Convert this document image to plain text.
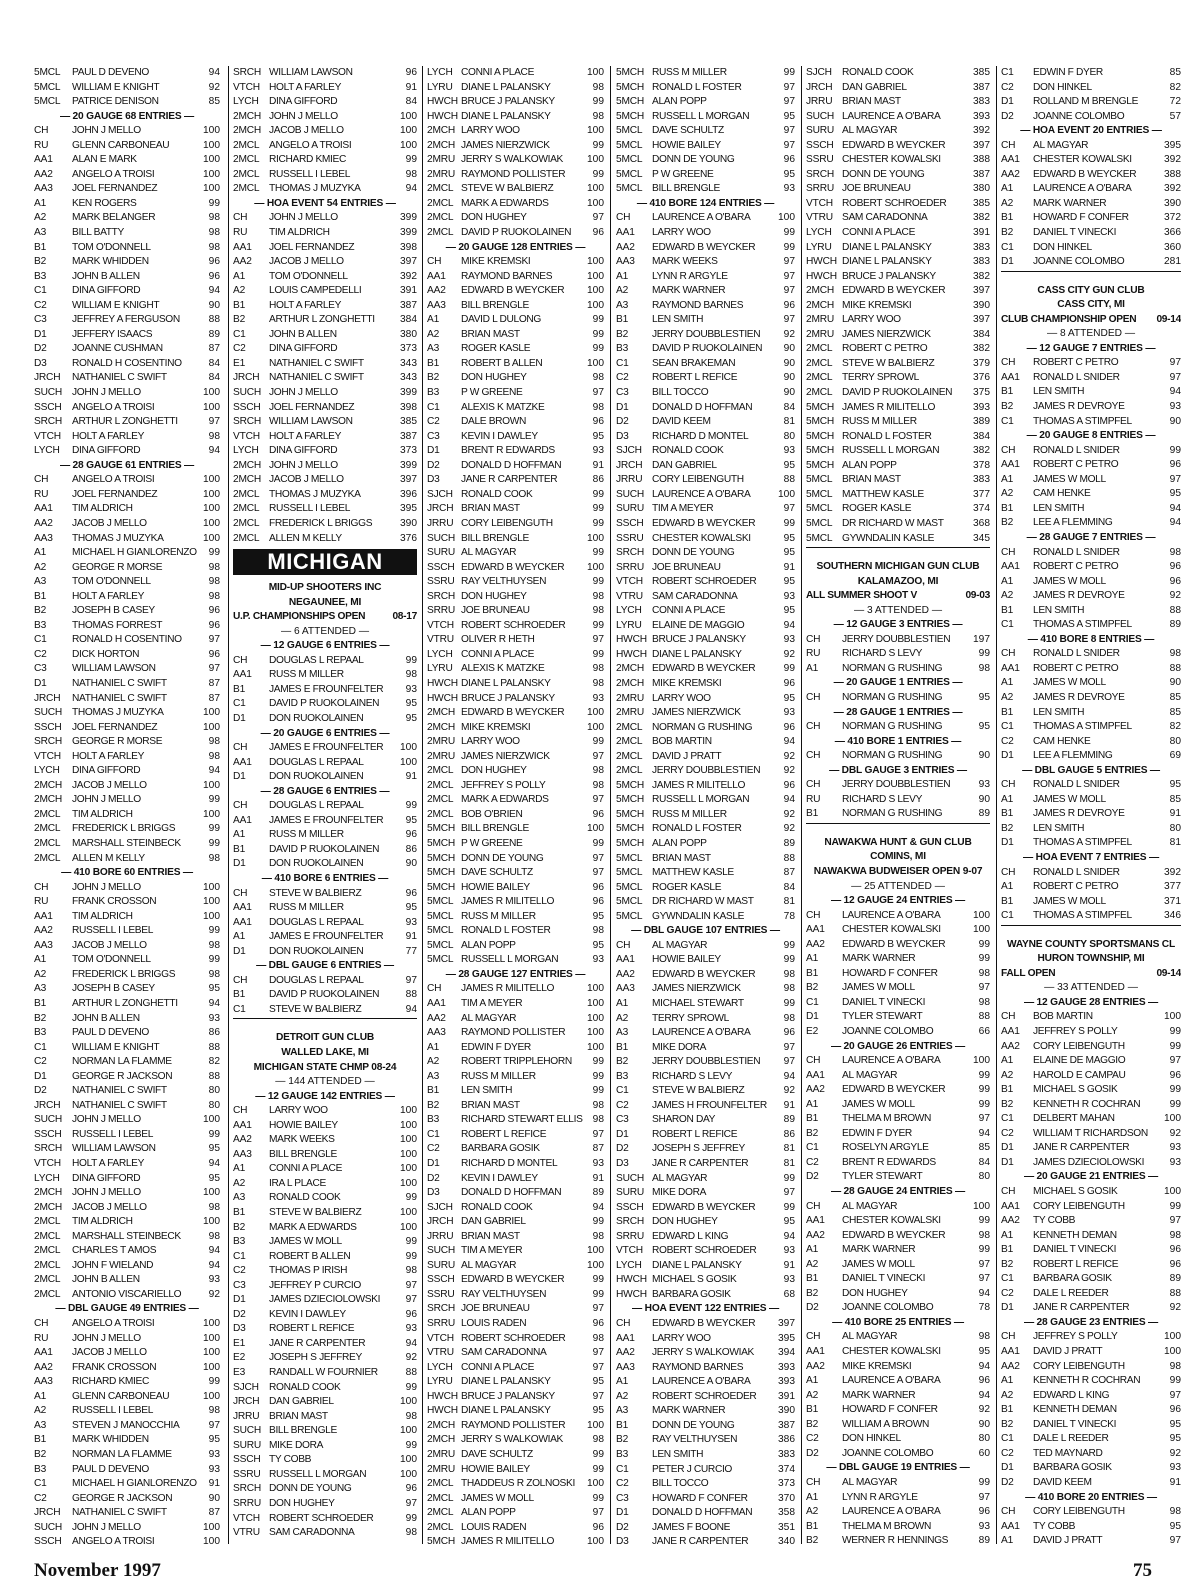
5MCL	PAUL D DEVENO	94
5MCL	WILLIAM E KNIGHT	92
5MCL	PATRICE DENISON	85
— 20 GAUGE 68 ENTRIES —
CH	JOHN J MELLO	100
RU	GLENN CARBONEAU	100
AA1	ALAN E MARK	100
AA2	ANGELO A TROISI	100
AA3	JOEL FERNANDEZ	100
A1	KEN ROGERS	99
A2	MARK BELANGER	98
A3	BILL BATTY	98
B1	TOM O'DONNELL	98
B2	MARK WHIDDEN	96
B3	JOHN B ALLEN	96
C1	DINA GIFFORD	94
C2	WILLIAM E KNIGHT	90
C3	JEFFREY A FERGUSON	88
D1	JEFFERY ISAACS	89
D2	JOANNE CUSHMAN	87
D3	RONALD H COSENTINO	84
JRCH	NATHANIEL C SWIFT	84
SUCH JOHN J MELLO	100
SSCH	ANGELO A TROISI	100
SRCH ARTHUR L ZONGHETTI	97
VTCH	HOLT A FARLEY	98
LYCH	DINA GIFFORD	94
— 28 GAUGE 61 ENTRIES —
CH	ANGELO A TROISI	100
RU	JOEL FERNANDEZ	100
AA1	TIM ALDRICH	100
AA2	JACOB J MELLO	100
AA3	THOMAS J MUZYKA	100
A1	MICHAEL H GIANLORENZO	99
A2	GEORGE R MORSE	98
A3	TOM O'DONNELL	98
B1	HOLT A FARLEY	98
B2	JOSEPH B CASEY	96
B3	THOMAS FORREST	96
C1	RONALD H COSENTINO	97
C2	DICK HORTON	96
C3	WILLIAM LAWSON	97
D1	NATHANIEL C SWIFT	87
JRCH	NATHANIEL C SWIFT	87
SUCH THOMAS J MUZYKA	100
SSCH	JOEL FERNANDEZ	100
SRCH GEORGE R MORSE	98
VTCH	HOLT A FARLEY	98
LYCH	DINA GIFFORD	94
2MCH JACOB J MELLO	100
2MCH JOHN J MELLO	99
2MCL	TIM ALDRICH	100
2MCL	FREDERICK L BRIGGS	99
2MCL	MARSHALL STEINBECK	99
2MCL	ALLEN M KELLY	98
— 410 BORE 60 ENTRIES —
CH	JOHN J MELLO	100
RU	FRANK CROSSON	100
AA1	TIM ALDRICH	100
AA2	RUSSELL I LEBEL	99
AA3	JACOB J MELLO	98
A1	TOM O'DONNELL	99
A2	FREDERICK L BRIGGS	98
A3	JOSEPH B CASEY	95
B1	ARTHUR L ZONGHETTI	94
B2	JOHN B ALLEN	93
B3	PAUL D DEVENO	86
C1	WILLIAM E KNIGHT	88
C2	NORMAN LA FLAMME	82
D1	GEORGE R JACKSON	88
D2	NATHANIEL C SWIFT	80
JRCH	NATHANIEL C SWIFT	80
SUCH JOHN J MELLO	100
SSCH	RUSSELL I LEBEL	99
SRCH WILLIAM LAWSON	95
VTCH	HOLT A FARLEY	94
LYCH	DINA GIFFORD	95
2MCH JOHN J MELLO	100
2MCH JACOB J MELLO	98
2MCL	TIM ALDRICH	100
2MCL	MARSHALL STEINBECK	98
2MCL	CHARLES T AMOS	94
2MCL	JOHN F WIELAND	94
2MCL	JOHN B ALLEN	93
2MCL	ANTONIO VISCARIELLO	92
— DBL GAUGE 49 ENTRIES —
CH	ANGELO A TROISI	100
RU	JOHN J MELLO	100
AA1	JACOB J MELLO	100
AA2	FRANK CROSSON	100
AA3	RICHARD KMIEC	99
A1	GLENN CARBONEAU	100
A2	RUSSELL I LEBEL	98
A3	STEVEN J MANOCCHIA	97
B1	MARK WHIDDEN	95
B2	NORMAN LA FLAMME	93
B3	PAUL D DEVENO	93
C1	MICHAEL H GIANLORENZO	91
C2	GEORGE R JACKSON	90
JRCH	NATHANIEL C SWIFT	87
SUCH JOHN J MELLO	100
SSCH	ANGELO A TROISI	100
SRCH WILLIAM LAWSON	96
VTCH HOLT A FARLEY	91
LYCH	DINA GIFFORD	84
2MCH JOHN J MELLO	100
2MCH JACOB J MELLO	100
2MCL ANGELO A TROISI	100
2MCL RICHARD KMIEC	99
2MCL RUSSELL I LEBEL	98
2MCL THOMAS J MUZYKA	94
— HOA EVENT 54 ENTRIES —
CH	JOHN J MELLO	399
RU	TIM ALDRICH	399
AA1	JOEL FERNANDEZ	398
AA2	JACOB J MELLO	397
A1	TOM O'DONNELL	392
A2	LOUIS CAMPEDELLI	391
B1	HOLT A FARLEY	387
B2	ARTHUR L ZONGHETTI	384
C1	JOHN B ALLEN	380
C2	DINA GIFFORD	373
E1	NATHANIEL C SWIFT	343
JRCH NATHANIEL C SWIFT	343
SUCH JOHN J MELLO	399
SSCH JOEL FERNANDEZ	398
SRCH WILLIAM LAWSON	385
VTCH HOLT A FARLEY	387
LYCH	DINA GIFFORD	373
2MCH JOHN J MELLO	399
2MCH JACOB J MELLO	397
2MCL THOMAS J MUZYKA	396
2MCL RUSSELL I LEBEL	395
2MCL FREDERICK L BRIGGS	390
2MCL ALLEN M KELLY	376
MICHIGAN
MID-UP SHOOTERS INC
NEGAUNEE, MI
U.P. CHAMPIONSHIPS OPEN	08-17
— 6 ATTENDED —
— 12 GAUGE 6 ENTRIES —
CH	DOUGLAS L REPAAL	99
AA1	RUSS M MILLER	98
B1	JAMES E FROUNFELTER	93
C1	DAVID P RUOKOLAINEN	95
D1	DON RUOKOLAINEN	95
— 20 GAUGE 6 ENTRIES —
CH	JAMES E FROUNFELTER	100
AA1	DOUGLAS L REPAAL	100
D1	DON RUOKOLAINEN	91
— 28 GAUGE 6 ENTRIES —
CH	DOUGLAS L REPAAL	99
AA1	JAMES E FROUNFELTER	95
A1	RUSS M MILLER	96
B1	DAVID P RUOKOLAINEN	86
D1	DON RUOKOLAINEN	90
— 410 BORE 6 ENTRIES —
CH	STEVE W BALBIERZ	96
AA1	RUSS M MILLER	95
AA1	DOUGLAS L REPAAL	93
A1	JAMES E FROUNFELTER	91
D1	DON RUOKOLAINEN	77
— DBL GAUGE 6 ENTRIES —
CH	DOUGLAS L REPAAL	97
B1	DAVID P RUOKOLAINEN	88
C1	STEVE W BALBIERZ	94
DETROIT GUN CLUB
WALLED LAKE, MI
MICHIGAN STATE CHMP 08-24
— 144 ATTENDED —
— 12 GAUGE 142 ENTRIES —
CH	LARRY WOO	100
AA1	HOWIE BAILEY	100
AA2	MARK WEEKS	100
AA3	BILL BRENGLE	100
A1	CONNI A PLACE	100
A2	IRA L PLACE	100
A3	RONALD COOK	99
B1	STEVE W BALBIERZ	100
B2	MARK A EDWARDS	100
B3	JAMES W MOLL	99
C1	ROBERT B ALLEN	99
C2	THOMAS P IRISH	98
C3	JEFFREY P CURCIO	97
D1	JAMES DZIECIOLOWSKI	97
D2	KEVIN I DAWLEY	96
D3	ROBERT L REFICE	93
E1	JANE R CARPENTER	94
E2	JOSEPH S JEFFREY	92
E3	RANDALL W FOURNIER	88
SJCH RONALD COOK	99
JRCH DAN GABRIEL	100
JRRU BRIAN MAST	98
SUCH BILL BRENGLE	100
SURU MIKE DORA	99
SSCH TY COBB	100
SSRU RUSSELL L MORGAN	100
SRCH DONN DE YOUNG	96
SRRU DON HUGHEY	97
VTCH ROBERT SCHROEDER	99
VTRU SAM CARADONNA	98
LYCH CONNI A PLACE	100
LYRU DIANE L PALANSKY	98
HWCH BRUCE J PALANSKY	99
HWCH DIANE L PALANSKY	98
2MCH LARRY WOO	100
2MCH JAMES NIERZWICK	99
2MRU JERRY S WALKOWIAK	100
2MRU RAYMOND POLLISTER	99
2MCL STEVE W BALBIERZ	100
2MCL MARK A EDWARDS	100
2MCL DON HUGHEY	97
2MCL DAVID P RUOKOLAINEN	96
— 20 GAUGE 128 ENTRIES —
CH	MIKE KREMSKI	100
AA1	RAYMOND BARNES	100
AA2	EDWARD B WEYCKER	100
AA3	BILL BRENGLE	100
A1	DAVID L DULONG	99
A2	BRIAN MAST	99
A3	ROGER KASLE	99
B1	ROBERT B ALLEN	100
B2	DON HUGHEY	98
B3	P W GREENE	97
C1	ALEXIS K MATZKE	98
C2	DALE BROWN	96
C3	KEVIN I DAWLEY	95
D1	BRENT R EDWARDS	93
D2	DONALD D HOFFMAN	91
D3	JANE R CARPENTER	86
SJCH RONALD COOK	99
JRCH BRIAN MAST	99
JRRU CORY LEIBENGUTH	99
SUCH BILL BRENGLE	100
SURU AL MAGYAR	99
SSCH EDWARD B WEYCKER	100
SSRU RAY VELTHUYSEN	99
SRCH DON HUGHEY	98
SRRU JOE BRUNEAU	98
VTCH ROBERT SCHROEDER	99
VTRU OLIVER R HETH	97
LYCH CONNI A PLACE	99
LYRU ALEXIS K MATZKE	98
HWCH DIANE L PALANSKY	98
HWCH BRUCE J PALANSKY	93
2MCH EDWARD B WEYCKER	100
2MCH MIKE KREMSKI	100
2MRU LARRY WOO	99
2MRU JAMES NIERZWICK	97
2MCL DON HUGHEY	98
2MCL JEFFREY S POLLY	98
2MCL MARK A EDWARDS	97
2MCL BOB O'BRIEN	96
5MCH BILL BRENGLE	100
5MCH P W GREENE	99
5MCH DONN DE YOUNG	97
5MCH DAVE SCHULTZ	97
5MCH HOWIE BAILEY	96
5MCL JAMES R MILITELLO	96
5MCL RUSS M MILLER	95
5MCL RONALD L FOSTER	98
5MCL ALAN POPP	95
5MCL RUSSELL L MORGAN	93
— 28 GAUGE 127 ENTRIES —
CH	JAMES R MILITELLO	100
AA1	TIM A MEYER	100
AA2	AL MAGYAR	100
AA3	RAYMOND POLLISTER	100
A1	EDWIN F DYER	100
A2	ROBERT TRIPPLEHORN	99
A3	RUSS M MILLER	99
B1	LEN SMITH	99
B2	BRIAN MAST	98
B3	RICHARD STEWART ELLIS 98
C1	ROBERT L REFICE	97
C2	BARBARA GOSIK	87
D1	RICHARD D MONTEL	93
D2	KEVIN I DAWLEY	91
D3	DONALD D HOFFMAN	89
SJCH RONALD COOK	94
JRCH DAN GABRIEL	99
JRRU BRIAN MAST	98
SUCH TIM A MEYER	100
SURU AL MAGYAR	100
SSCH EDWARD B WEYCKER	99
SSRU RAY VELTHUYSEN	99
SRCH JOE BRUNEAU	97
SRRU LOUIS RADEN	96
VTCH ROBERT SCHROEDER	98
VTRU SAM CARADONNA	97
LYCH CONNI A PLACE	97
LYRU DIANE L PALANSKY	95
HWCH BRUCE J PALANSKY	97
HWCH DIANE L PALANSKY	95
2MCH RAYMOND POLLISTER	100
2MCH JERRY S WALKOWIAK	98
2MRU DAVE SCHULTZ	99
2MRU HOWIE BAILEY	99
2MCL THADDEUS R ZOLNOSKI	100
2MCL JAMES W MOLL	99
2MCL ALAN POPP	97
2MCL LOUIS RADEN	96
5MCH JAMES R MILITELLO	100
5MCH RUSS M MILLER	99
5MCH RONALD L FOSTER	97
5MCH ALAN POPP	97
5MCH RUSSELL L MORGAN	95
5MCL DAVE SCHULTZ	97
5MCL HOWIE BAILEY	97
5MCL DONN DE YOUNG	96
5MCL P W GREENE	95
5MCL BILL BRENGLE	93
— 410 BORE 124 ENTRIES —
CH	LAURENCE A O'BARA	100
AA1	LARRY WOO	99
AA2	EDWARD B WEYCKER	99
AA3	MARK WEEKS	97
A1	LYNN R ARGYLE	97
A2	MARK WARNER	97
A3	RAYMOND BARNES	96
B1	LEN SMITH	97
B2	JERRY DOUBBLESTIEN	92
B3	DAVID P RUOKOLAINEN	90
C1	SEAN BRAKEMAN	90
C2	ROBERT L REFICE	90
C3	BILL TOCCO	90
D1	DONALD D HOFFMAN	84
D2	DAVID KEEM	81
D3	RICHARD D MONTEL	80
SJCH RONALD COOK	93
JRCH DAN GABRIEL	95
JRRU CORY LEIBENGUTH	88
SUCH LAURENCE A O'BARA	100
SURU TIM A MEYER	97
SSCH EDWARD B WEYCKER	99
SSRU CHESTER KOWALSKI	95
SRCH DONN DE YOUNG	95
SRRU JOE BRUNEAU	91
VTCH ROBERT SCHROEDER	95
VTRU SAM CARADONNA	93
LYCH	CONNI A PLACE	95
LYRU	ELAINE DE MAGGIO	94
HWCH BRUCE J PALANSKY	93
HWCH DIANE L PALANSKY	92
2MCH EDWARD B WEYCKER	99
2MCH MIKE KREMSKI	96
2MRU LARRY WOO	95
2MRU JAMES NIERZWICK	93
2MCL NORMAN G RUSHING	96
2MCL BOB MARTIN	94
2MCL DAVID J PRATT	92
2MCL JERRY DOUBBLESTIEN	92
5MCH JAMES R MILITELLO	96
5MCH RUSSELL L MORGAN	94
5MCH RUSS M MILLER	92
5MCH RONALD L FOSTER	92
5MCH ALAN POPP	89
5MCL BRIAN MAST	88
5MCL MATTHEW KASLE	87
5MCL ROGER KASLE	84
5MCL DR RICHARD W MAST	81
5MCL GYWNDALIN KASLE	78
— DBL GAUGE 107 ENTRIES —
CH	AL MAGYAR	99
AA1	HOWIE BAILEY	99
AA2	EDWARD B WEYCKER	98
AA3	JAMES NIERZWICK	98
A1	MICHAEL STEWART	99
A2	TERRY SPROWL	98
A3	LAURENCE A O'BARA	96
B1	MIKE DORA	97
B2	JERRY DOUBBLESTIEN	97
B3	RICHARD S LEVY	94
C1	STEVE W BALBIERZ	92
C2	JAMES H FROUNFELTER	91
C3	SHARON DAY	89
D1	ROBERT L REFICE	86
D2	JOSEPH S JEFFREY	81
D3	JANE R CARPENTER	81
SUCH AL MAGYAR	99
SURU MIKE DORA	97
SSCH EDWARD B WEYCKER	99
SRCH DON HUGHEY	95
SRRU EDWARD L KING	94
VTCH ROBERT SCHROEDER	93
LYCH	DIANE L PALANSKY	91
HWCH MICHAEL S GOSIK	93
HWCH BARBARA GOSIK	68
— HOA EVENT 122 ENTRIES —
CH	EDWARD B WEYCKER	397
AA1	LARRY WOO	395
AA2	JERRY S WALKOWIAK	394
AA3	RAYMOND BARNES	393
A1	LAURENCE A O'BARA	393
A2	ROBERT SCHROEDER	391
A3	MARK WARNER	390
B1	DONN DE YOUNG	387
B2	RAY VELTHUYSEN	386
B3	LEN SMITH	383
C1	PETER J CURCIO	374
C2	BILL TOCCO	373
C3	HOWARD F CONFER	370
D1	DONALD D HOFFMAN	358
D2	JAMES F BOONE	351
D3	JANE R CARPENTER	340
SJCH RONALD COOK	385
JRCH DAN GABRIEL	387
JRRU BRIAN MAST	383
SUCH LAURENCE A O'BARA	393
SURU AL MAGYAR	392
SSCH EDWARD B WEYCKER	397
SSRU CHESTER KOWALSKI	388
SRCH DONN DE YOUNG	387
SRRU JOE BRUNEAU	380
VTCH ROBERT SCHROEDER	385
VTRU SAM CARADONNA	382
LYCH	CONNI A PLACE	391
LYRU	DIANE L PALANSKY	383
HWCH DIANE L PALANSKY	383
HWCH BRUCE J PALANSKY	382
2MCH EDWARD B WEYCKER	397
2MCH MIKE KREMSKI	390
2MRU LARRY WOO	397
2MRU JAMES NIERZWICK	384
2MCL ROBERT C PETRO	382
2MCL STEVE W BALBIERZ	379
2MCL TERRY SPROWL	376
2MCL DAVID P RUOKOLAINEN	375
5MCH JAMES R MILITELLO	393
5MCH RUSS M MILLER	389
5MCH RONALD L FOSTER	384
5MCH RUSSELL L MORGAN	382
5MCH ALAN POPP	378
5MCL BRIAN MAST	383
5MCL MATTHEW KASLE	377
5MCL ROGER KASLE	374
5MCL DR RICHARD W MAST	368
5MCL GYWNDALIN KASLE	345
SOUTHERN MICHIGAN GUN CLUB
KALAMAZOO, MI
ALL SUMMER SHOOT V	09-03
— 3 ATTENDED —
— 12 GAUGE 3 ENTRIES —
CH	JERRY DOUBBLESTIEN	197
RU	RICHARD S LEVY	99
A1	NORMAN G RUSHING	98
— 20 GAUGE 1 ENTRIES —
CH	NORMAN G RUSHING	95
— 28 GAUGE 1 ENTRIES —
CH	NORMAN G RUSHING	95
— 410 BORE 1 ENTRIES —
CH	NORMAN G RUSHING	90
— DBL GAUGE 3 ENTRIES —
CH	JERRY DOUBBLESTIEN	93
RU	RICHARD S LEVY	90
B1	NORMAN G RUSHING	89
NAWAKWA HUNT & GUN CLUB
COMINS, MI
NAWAKWA BUDWEISER OPEN 9-07
— 25 ATTENDED —
— 12 GAUGE 24 ENTRIES —
CH	LAURENCE A O'BARA	100
AA1	CHESTER KOWALSKI	100
AA2	EDWARD B WEYCKER	99
A1	MARK WARNER	99
B1	HOWARD F CONFER	98
B2	JAMES W MOLL	97
C1	DANIEL T VINECKI	98
D1	TYLER STEWART	88
E2	JOANNE COLOMBO	66
— 20 GAUGE 26 ENTRIES —
CH	LAURENCE A O'BARA	100
AA1	AL MAGYAR	99
AA2	EDWARD B WEYCKER	99
A1	JAMES W MOLL	99
B1	THELMA M BROWN	97
B2	EDWIN F DYER	94
C1	ROSELYN ARGYLE	85
C2	BRENT R EDWARDS	84
D2	TYLER STEWART	80
— 28 GAUGE 24 ENTRIES —
CH	AL MAGYAR	100
AA1	CHESTER KOWALSKI	99
AA2	EDWARD B WEYCKER	98
A1	MARK WARNER	99
A2	JAMES W MOLL	97
B1	DANIEL T VINECKI	97
B2	DON HUGHEY	94
D2	JOANNE COLOMBO	78
— 410 BORE 25 ENTRIES —
CH	AL MAGYAR	98
AA1	CHESTER KOWALSKI	95
AA2	MIKE KREMSKI	94
A1	LAURENCE A O'BARA	96
A2	MARK WARNER	94
B1	HOWARD F CONFER	92
B2	WILLIAM A BROWN	90
C2	DON HINKEL	80
D2	JOANNE COLOMBO	60
— DBL GAUGE 19 ENTRIES —
CH	AL MAGYAR	99
A1	LYNN R ARGYLE	97
A2	LAURENCE A O'BARA	96
B1	THELMA M BROWN	93
B2	WERNER R HENNINGS	89
C1	EDWIN F DYER	85
C2	DON HINKEL	82
D1	ROLLAND M BRENGLE	72
D2	JOANNE COLOMBO	57
— HOA EVENT 20 ENTRIES —
CH	AL MAGYAR	395
AA1	CHESTER KOWALSKI	392
AA2	EDWARD B WEYCKER	388
A1	LAURENCE A O'BARA	392
A2	MARK WARNER	390
B1	HOWARD F CONFER	372
B2	DANIEL T VINECKI	366
C1	DON HINKEL	360
D1	JOANNE COLOMBO	281
CASS CITY GUN CLUB
CASS CITY, MI
CLUB CHAMPIONSHIP OPEN 09-14
— 8 ATTENDED —
— 12 GAUGE 7 ENTRIES —
CH	ROBERT C PETRO	97
AA1	RONALD L SNIDER	97
B1	LEN SMITH	94
B2	JAMES R DEVROYE	93
C1	THOMAS A STIMPFEL	90
— 20 GAUGE 8 ENTRIES —
CH	RONALD L SNIDER	99
AA1	ROBERT C PETRO	96
A1	JAMES W MOLL	97
A2	CAM HENKE	95
B1	LEN SMITH	94
B2	LEE A FLEMMING	94
— 28 GAUGE 7 ENTRIES —
CH	RONALD L SNIDER	98
AA1	ROBERT C PETRO	96
A1	JAMES W MOLL	96
A2	JAMES R DEVROYE	92
B1	LEN SMITH	88
C1	THOMAS A STIMPFEL	89
— 410 BORE 8 ENTRIES —
CH	RONALD L SNIDER	98
AA1	ROBERT C PETRO	88
A1	JAMES W MOLL	90
A2	JAMES R DEVROYE	85
B1	LEN SMITH	85
C1	THOMAS A STIMPFEL	82
C2	CAM HENKE	80
D1	LEE A FLEMMING	69
— DBL GAUGE 5 ENTRIES —
CH	RONALD L SNIDER	95
A1	JAMES W MOLL	85
B1	JAMES R DEVROYE	91
B2	LEN SMITH	80
D1	THOMAS A STIMPFEL	81
— HOA EVENT 7 ENTRIES —
CH	RONALD L SNIDER	392
A1	ROBERT C PETRO	377
B1	JAMES W MOLL	371
C1	THOMAS A STIMPFEL	346
WAYNE COUNTY SPORTSMANS CL
HURON TOWNSHIP, MI
FALL OPEN	09-14
— 33 ATTENDED —
— 12 GAUGE 28 ENTRIES —
CH	BOB MARTIN	100
AA1	JEFFREY S POLLY	99
AA2	CORY LEIBENGUTH	99
A1	ELAINE DE MAGGIO	97
A2	HAROLD E CAMPAU	96
B1	MICHAEL S GOSIK	99
B2	KENNETH R COCHRAN	99
C1	DELBERT MAHAN	100
C2	WILLIAM T RICHARDSON	92
D1	JANE R CARPENTER	93
D1	JAMES DZIECIOLOWSKI	93
— 20 GAUGE 21 ENTRIES —
CH	MICHAEL S GOSIK	100
AA1	CORY LEIBENGUTH	99
AA2	TY COBB	97
A1	KENNETH DEMAN	98
B1	DANIEL T VINECKI	96
B2	ROBERT L REFICE	96
C1	BARBARA GOSIK	89
C2	DALE L REEDER	88
D1	JANE R CARPENTER	92
— 28 GAUGE 23 ENTRIES —
CH	JEFFREY S POLLY	100
AA1	DAVID J PRATT	100
AA2	CORY LEIBENGUTH	98
A1	KENNETH R COCHRAN	99
A2	EDWARD L KING	97
B1	KENNETH DEMAN	96
B2	DANIEL T VINECKI	95
C1	DALE L REEDER	95
C2	TED MAYNARD	92
D1	BARBARA GOSIK	93
D2	DAVID KEEM	91
— 410 BORE 20 ENTRIES —
CH	CORY LEIBENGUTH	98
AA1	TY COBB	95
A1	DAVID J PRATT	97
November 1997	75
